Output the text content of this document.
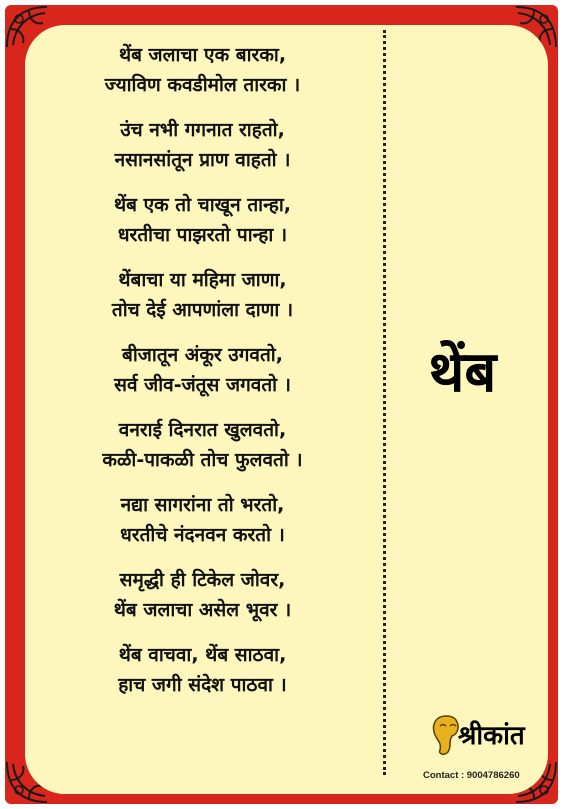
थेंब जलाचा एक बारका,
ज्याविण कवडीमोल तारका ।
उंच नभी गगनात राहतो,
नसानसांतून प्राण वाहतो ।
थेंब एक तो चाखून तान्हा,
धरतीचा पाझरतो पान्हा ।
थेंबाचा या महिमा जाणा,
तोच देई आपणांला दाणा ।
बीजातून अंकूर उगवतो,
सर्व जीव-जंतूस जगवतो ।
वनराई दिनरात खुलवतो,
कळी-पाकळी तोच फुलवतो ।
नद्या सागरांना तो भरतो,
धरतीचे नंदनवन करतो ।
समृद्धी ही टिकेल जोवर,
थेंब जलाचा असेल भूवर ।
थेंब वाचवा, थेंब साठवा,
हाच जगी संदेश पाठवा ।
थेंब
श्रीकांत
Contact : 9004786260
